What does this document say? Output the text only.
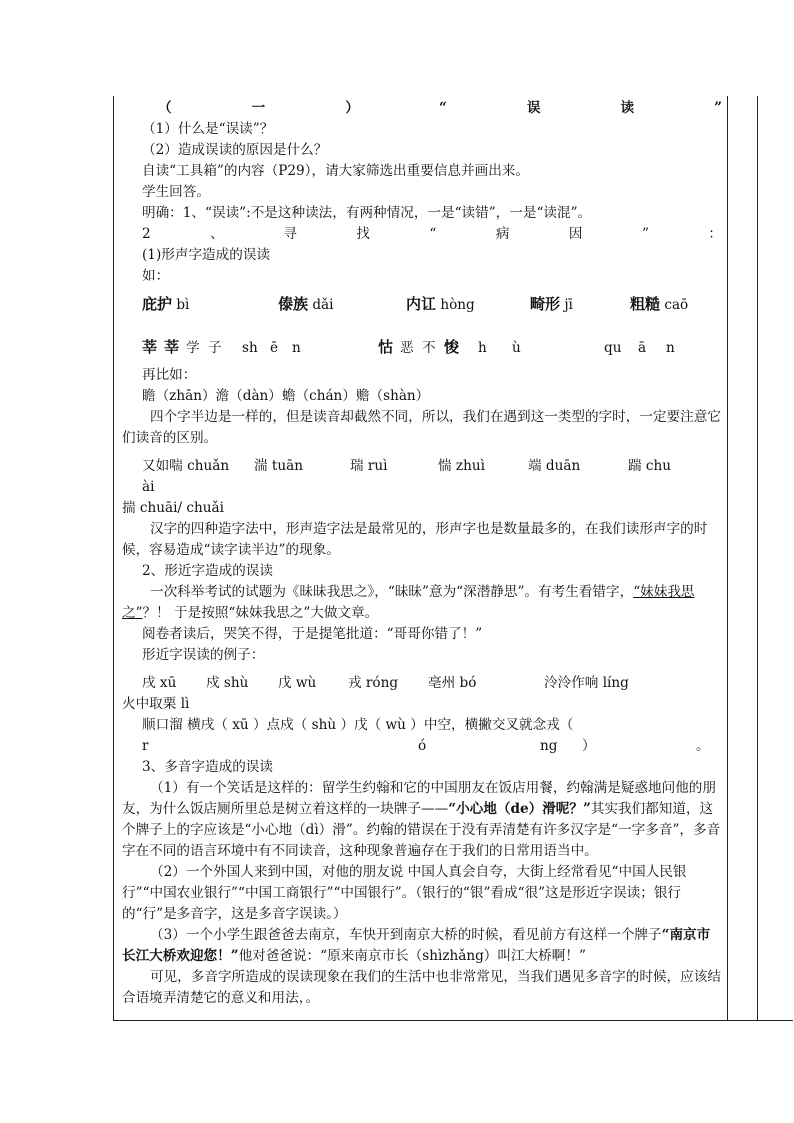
（	一	）	“	误	读	”

（1）什么是“误读”？

（2）造成误读的原因是什么？

自读“工具箱”的内容（P29），请大家筛选出重要信息并画出来。

学生回答。

明确：1、“误读”:不是这种读法，有两种情况，一是“读错”，一是“读混”。

2	、	寻	找	“	病	因	”	：

(1)形声字造成的误读

如：

庇护 bì	傣族 dǎi	内讧 hòng	畸形 jī	粗糙 caō

莘 莘 学 子	sh ē	n	怙 恶 不 悛	h	ù	qu	ā	n

再比如：

瞻（zhān）澹（dàn）蟾（chán）赡（shàn）

四个字半边是一样的，但是读音却截然不同，所以，我们在遇到这一类型的字时，一定要注意它们读音的区别。

又如喘 chuǎn	湍 tuān	瑞 ruì	惴 zhuì	端 duān	踹 chu

ài

揣 chuāi/ chuǎi

汉字的四种造字法中，形声造字法是最常见的，形声字也是数量最多的，在我们读形声字的时候，容易造成“读字读半边”的现象。

2、形近字造成的误读

一次科举考试的试题为《昧昧我思之》，“昧昧”意为“深潜静思”。有考生看错字，“妹妹我思之”？！ 于是按照“妹妹我思之”大做文章。

阅卷者读后，哭笑不得，于是提笔批道：“哥哥你错了！”

形近字误读的例子：

戌 xū	戍 shù	戊 wù	戎 róng	亳州 bó	泠泠作响 líng

火中取栗 lì

顺口溜 横戌（ xū ）点戍（ shù ）戊（ wù ）中空，横撇交叉就念戎（

r	ó	ng	）	。

3、多音字造成的误读

（1）有一个笑话是这样的：留学生约翰和它的中国朋友在饭店用餐，约翰满是疑惑地问他的朋友，为什么饭店厕所里总是树立着这样的一块牌子——“小心地（de）滑呢？”其实我们都知道，这个牌子上的字应该是“小心地（dì）滑”。约翰的错误在于没有弄清楚有许多汉字是“一字多音”，多音字在不同的语言环境中有不同读音，这种现象普遍存在于我们的日常用语当中。

（2）一个外国人来到中国，对他的朋友说 中国人真会自夸，大街上经常看见“中国人民银行”“中国农业银行”“中国工商银行”“中国银行”。（银行的“银”看成“很”这是形近字误读；银行的“行”是多音字，这是多音字误读。）

（3）一个小学生跟爸爸去南京，车快开到南京大桥的时候，看见前方有这样一个牌子“南京市长江大桥欢迎您！”他对爸爸说：“原来南京市长（shìzhǎng）叫江大桥啊！”

可见，多音字所造成的误读现象在我们的生活中也非常常见，当我们遇见多音字的时候，应该结合语境弄清楚它的意义和用法，。
